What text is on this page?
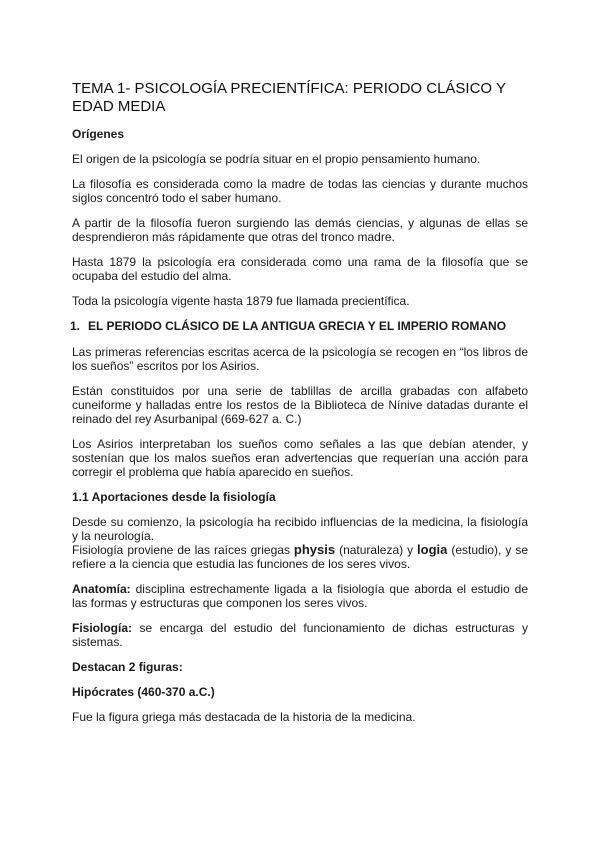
TEMA 1- PSICOLOGÍA PRECIENTÍFICA: PERIODO CLÁSICO Y EDAD MEDIA
Orígenes

El origen de la psicología se podría situar en el propio pensamiento humano.

La filosofía es considerada como la madre de todas las ciencias y durante muchos siglos concentró todo el saber humano.

A partir de la filosofía fueron surgiendo las demás ciencias, y algunas de ellas se desprendieron más rápidamente que otras del tronco madre.

Hasta 1879 la psicología era considerada como una rama de la filosofía que se ocupaba del estudio del alma.

Toda la psicología vigente hasta 1879 fue llamada precientífica.

1. EL PERIODO CLÁSICO DE LA ANTIGUA GRECIA Y EL IMPERIO ROMANO

Las primeras referencias escritas acerca de la psicología se recogen en “los libros de los sueños” escritos por los Asirios.

Están constituidos por una serie de tablillas de arcilla grabadas con alfabeto cuneiforme y halladas entre los restos de la Biblioteca de Nínive datadas durante el reinado del rey Asurbanipal (669-627 a. C.)

Los Asirios interpretaban los sueños como señales a las que debían atender, y sostenían que los malos sueños eran advertencias que requerían una acción para corregir el problema que había aparecido en sueños.

1.1 Aportaciones desde la fisiología

Desde su comienzo, la psicología ha recibido influencias de la medicina, la fisiología y la neurología.

Fisiología proviene de las raíces griegas physis (naturaleza) y logia (estudio), y se refiere a la ciencia que estudia las funciones de los seres vivos.

Anatomía: disciplina estrechamente ligada a la fisiología que aborda el estudio de las formas y estructuras que componen los seres vivos.

Fisiología: se encarga del estudio del funcionamiento de dichas estructuras y sistemas.

Destacan 2 figuras:
Hipócrates (460-370 a.C.)

Fue la figura griega más destacada de la historia de la medicina.
